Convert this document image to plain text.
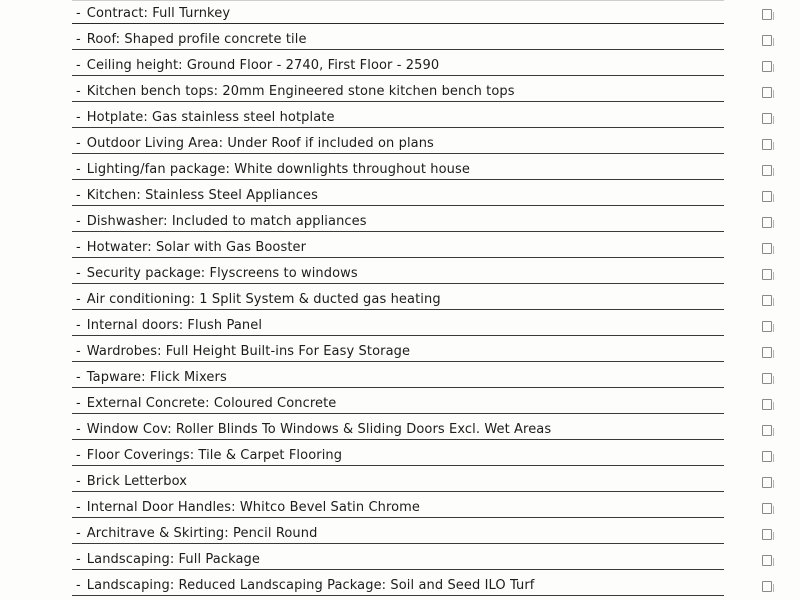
- Contract: Full Turnkey
- Roof: Shaped profile concrete tile
- Ceiling height: Ground Floor - 2740, First Floor - 2590
- Kitchen bench tops: 20mm Engineered stone kitchen bench tops
- Hotplate: Gas stainless steel hotplate
- Outdoor Living Area: Under Roof if included on plans
- Lighting/fan package: White downlights throughout house
- Kitchen: Stainless Steel Appliances
- Dishwasher: Included to match appliances
- Hotwater: Solar with Gas Booster
- Security package: Flyscreens to windows
- Air conditioning: 1 Split System & ducted gas heating
- Internal doors: Flush Panel
- Wardrobes: Full Height Built-ins For Easy Storage
- Tapware: Flick Mixers
- External Concrete: Coloured Concrete
- Window Cov: Roller Blinds To Windows & Sliding Doors Excl. Wet Areas
- Floor Coverings: Tile & Carpet Flooring
- Brick Letterbox
- Internal Door Handles: Whitco Bevel Satin Chrome
- Architrave & Skirting: Pencil Round
- Landscaping: Full Package
- Landscaping: Reduced Landscaping Package: Soil and Seed ILO Turf
